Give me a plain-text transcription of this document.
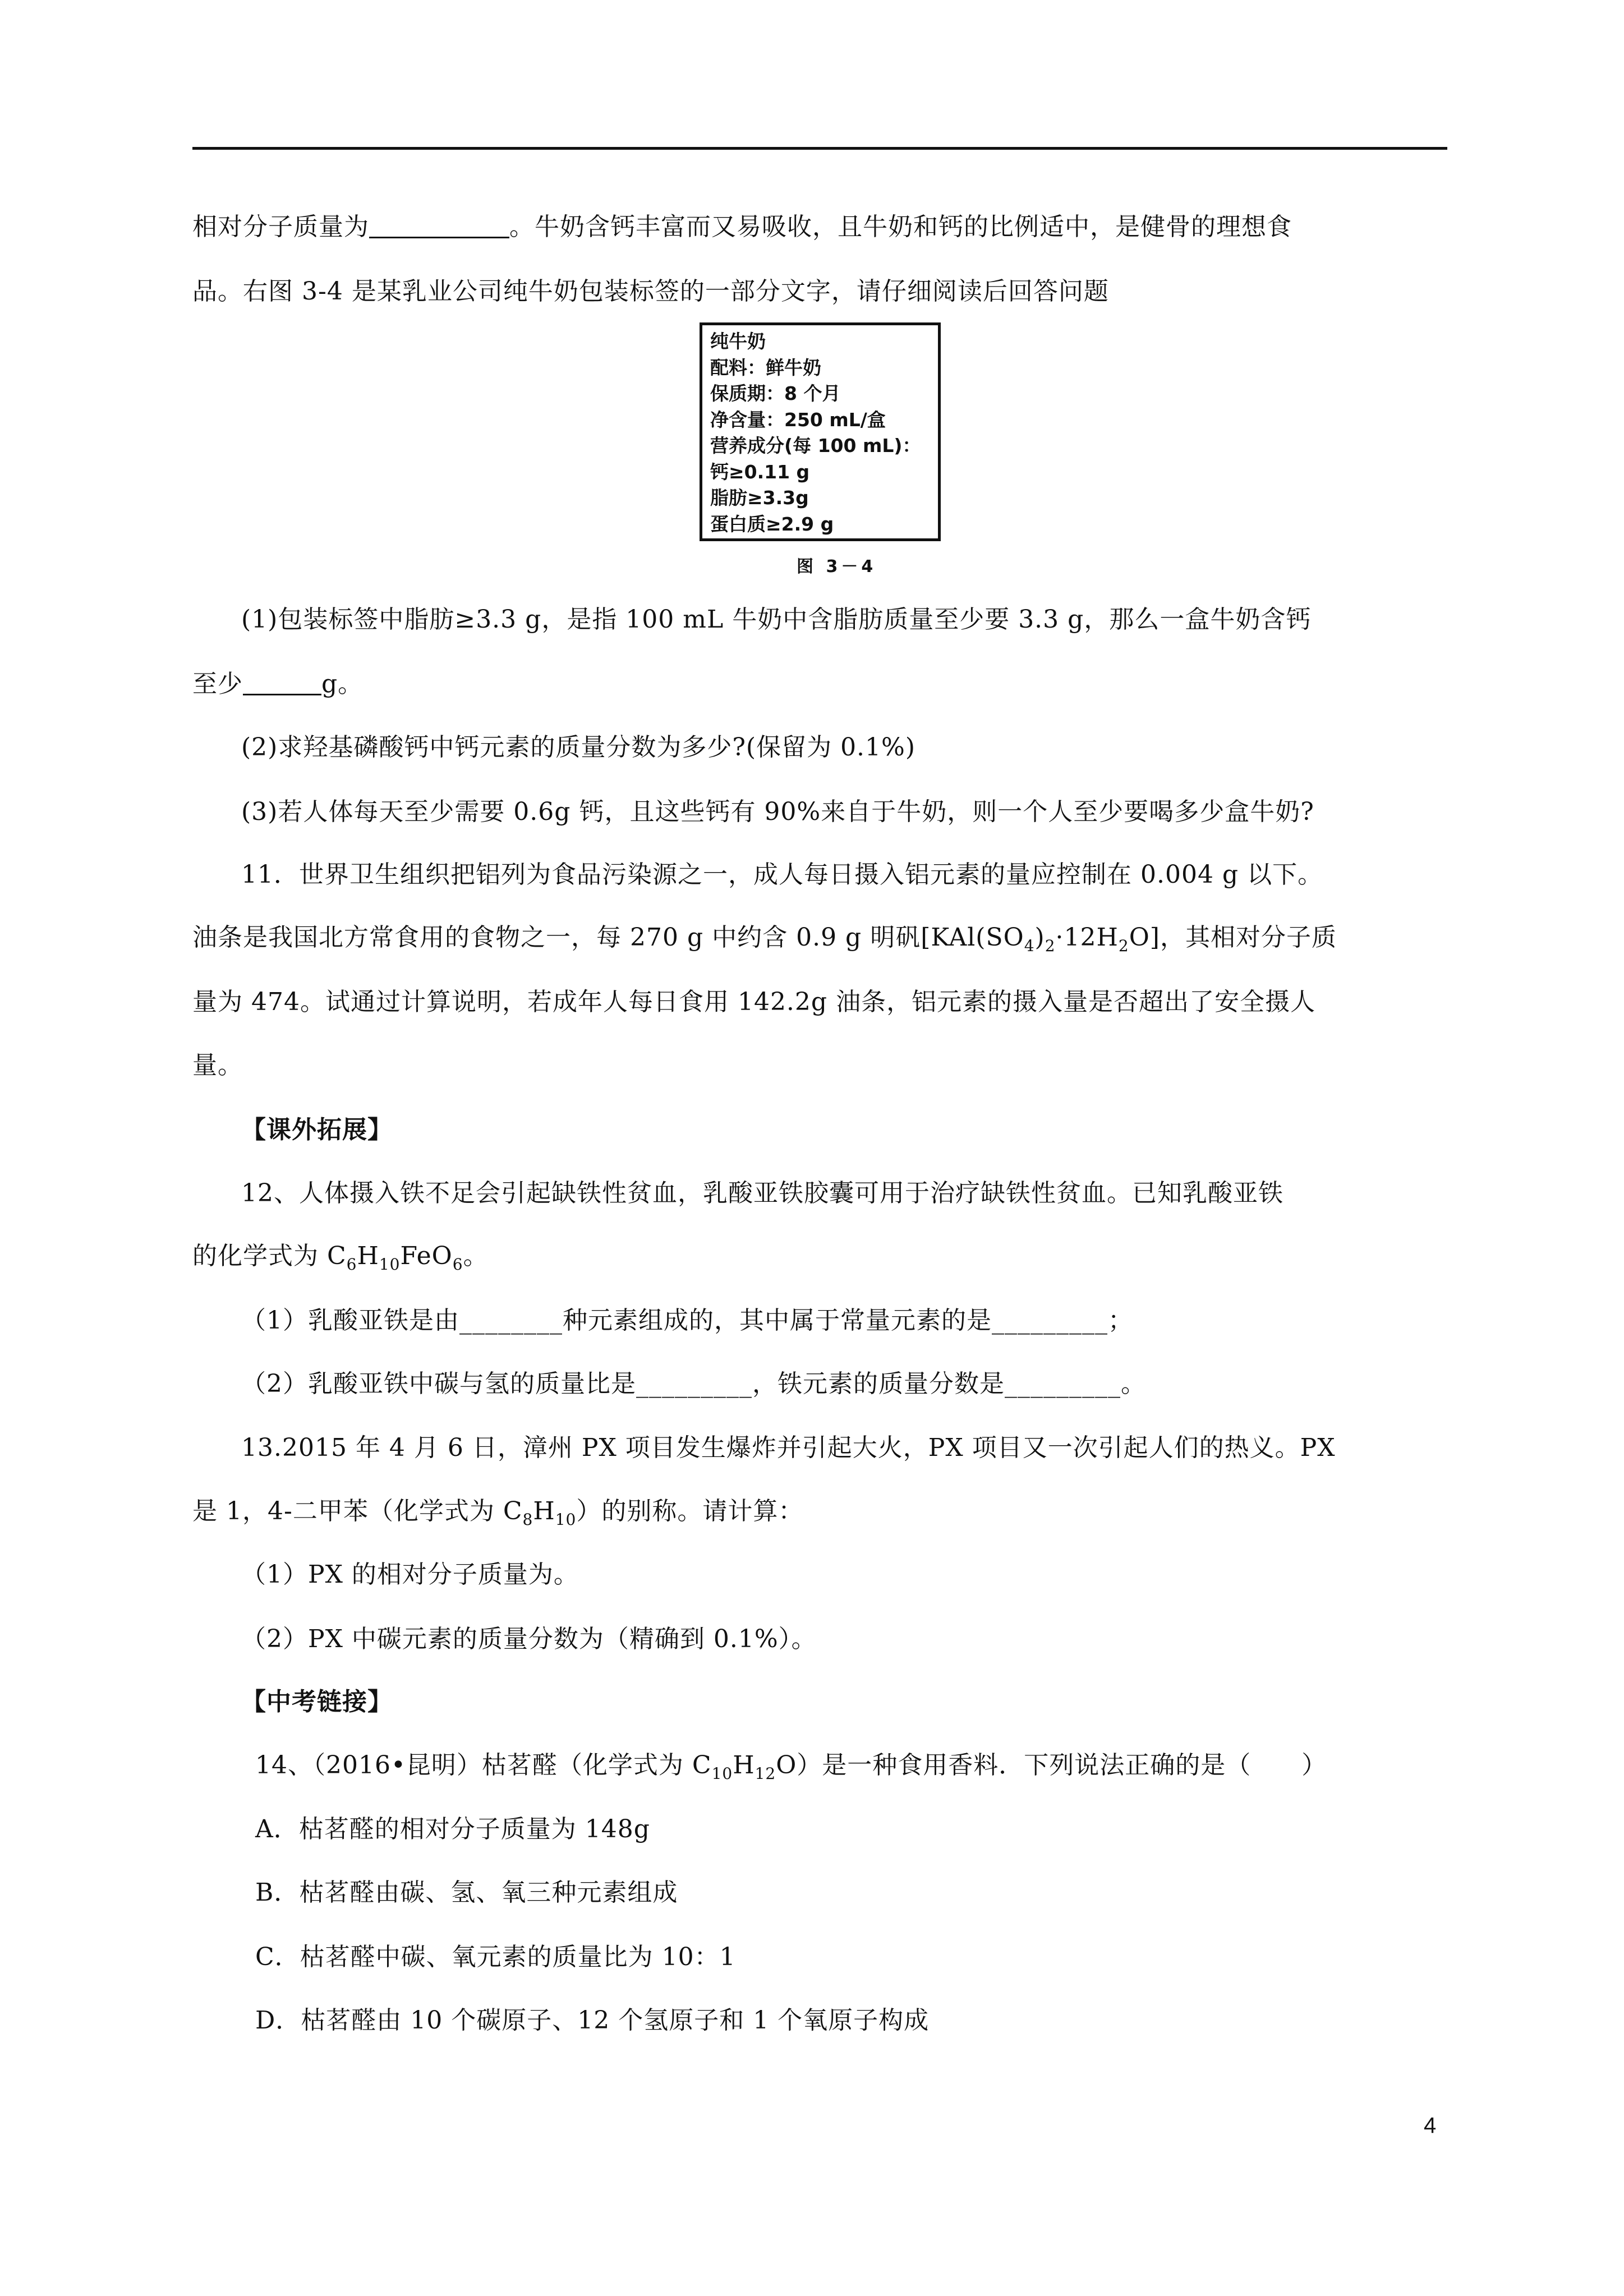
相对分子质量为	。牛奶含钙丰富而又易吸收，且牛奶和钙的比例适中，是健骨的理想食
品。右图 3-4 是某乳业公司纯牛奶包装标签的一部分文字，请仔细阅读后回答问题
纯牛奶
配料：鲜牛奶
保质期：8 个月
净含量：250 mL/盒
营养成分(每 100 mL)：
钙≥0.11 g
脂肪≥3.3g
蛋白质≥2.9 g
图 3－4
(1)包装标签中脂肪≥3.3 g，是指 100 mL 牛奶中含脂肪质量至少要 3.3 g，那么一盒牛奶含钙
至少	g。
(2)求羟基磷酸钙中钙元素的质量分数为多少?(保留为 0.1%)
(3)若人体每天至少需要 0.6g 钙，且这些钙有 90%来自于牛奶，则一个人至少要喝多少盒牛奶?
11．世界卫生组织把铝列为食品污染源之一，成人每日摄入铝元素的量应控制在 0.004 g 以下。
油条是我国北方常食用的食物之一，每 270 g 中约含 0.9 g 明矾$[KAl(SO_4)_2\cdot 12H_2O]$，其相对分子质
量为 474。试通过计算说明，若成年人每日食用 142.2g 油条，铝元素的摄入量是否超出了安全摄人
量。
【课外拓展】
12、人体摄入铁不足会引起缺铁性贫血，乳酸亚铁胶囊可用于治疗缺铁性贫血。已知乳酸亚铁
的化学式为 $C_6H_{10}FeO_6$。
（1）乳酸亚铁是由________种元素组成的，其中属于常量元素的是_________；
（2）乳酸亚铁中碳与氢的质量比是_________，铁元素的质量分数是_________。
13.2015 年 4 月 6 日，漳州 PX 项目发生爆炸并引起大火，PX 项目又一次引起人们的热义。PX
是 1，4-二甲苯（化学式为 $C_8H_{10}$）的别称。请计算：
（1）PX 的相对分子质量为。
（2）PX 中碳元素的质量分数为（精确到 0.1%）。
【中考链接】
14、（2016•昆明）枯茗醛（化学式为 $C_{10}H_{12}O$）是一种食用香料．下列说法正确的是（　　）
A．枯茗醛的相对分子质量为 148g
B．枯茗醛由碳、氢、氧三种元素组成
C．枯茗醛中碳、氧元素的质量比为 10：1
D．枯茗醛由 10 个碳原子、12 个氢原子和 1 个氧原子构成
4
